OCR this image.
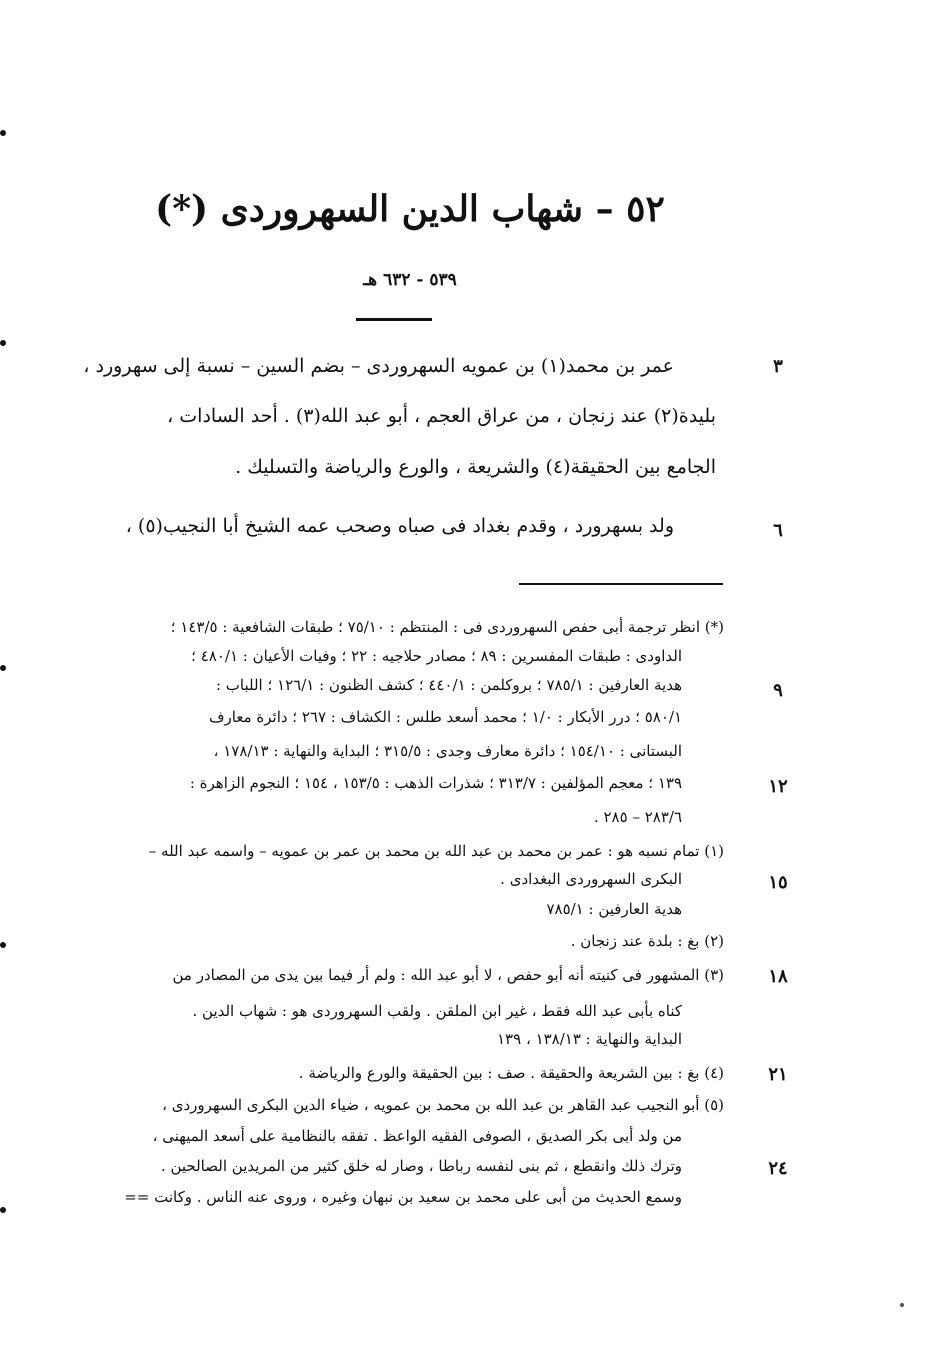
٥٢ – شهاب الدين السهروردى (*)
٥٣٩ - ٦٣٢ هـ
عمر بن محمد(١) بن عمويه السهروردى – بضم السين – نسبة إلى سهرورد ،	٣
بليدة(٢) عند زنجان ، من عراق العجم ، أبو عبد الله(٣) . أحد السادات ،
الجامع بين الحقيقة(٤) والشريعة ، والورع والرياضة والتسليك .
ولد بسهرورد ، وقدم بغداد فى صباه وصحب عمه الشيخ أبا النجيب(٥) ،	٦
(*) انظر ترجمة أبى حفص السهروردى فى : المنتظم : ٧٥/١٠ ؛ طبقات الشافعية : ١٤٣/٥ ؛
الداودى : طبقات المفسرين : ٨٩ ؛ مصادر حلاجيه : ٢٢ ؛ وفيات الأعيان : ٤٨٠/١ ؛
هدية العارفين : ٧٨٥/١ ؛ بروكلمن : ٤٤٠/١ ؛ كشف الظنون : ١٢٦/١ ؛ اللباب :	٩
٥٨٠/١ ؛ درر الأبكار : ١/٠ ؛ محمد أسعد طلس : الكشاف : ٢٦٧ ؛ دائرة معارف
البستانى : ١٥٤/١٠ ؛ دائرة معارف وجدى : ٣١٥/٥ ؛ البداية والنهاية : ١٧٨/١٣ ،
١٣٩ ؛ معجم المؤلفين : ٣١٣/٧ ؛ شذرات الذهب : ١٥٣/٥ ، ١٥٤ ؛ النجوم الزاهرة :	١٢
٢٨٣/٦ – ٢٨٥ .
(١) تمام نسبه هو : عمر بن محمد بن عبد الله بن محمد بن عمر بن عمويه – واسمه عبد الله –
البكرى السهروردى البغدادى .	١٥
هدية العارفين : ٧٨٥/١
(٢) بغ : بلدة عند زنجان .
(٣) المشهور فى كنيته أنه أبو حفص ، لا أبو عبد الله : ولم أر فيما بين يدى من المصادر من	١٨
كناه بأبى عبد الله فقط ، غير ابن الملقن . ولقب السهروردى هو : شهاب الدين .
البداية والنهاية : ١٣٨/١٣ ، ١٣٩
(٤) بغ : بين الشريعة والحقيقة . صف : بين الحقيقة والورع والرياضة .	٢١
(٥) أبو النجيب عبد القاهر بن عبد الله بن محمد بن عمويه ، ضياء الدين البكرى السهروردى ،
من ولد أبى بكر الصديق ، الصوفى الفقيه الواعظ . تفقه بالنظامية على أسعد الميهنى ،
وترك ذلك وانقطع ، ثم بنى لنفسه رباطا ، وصار له خلق كثير من المريدين الصالحين .	٢٤
وسمع الحديث من أبى على محمد بن سعيد بن نبهان وغيره ، وروى عنه الناس . وكانت ==
